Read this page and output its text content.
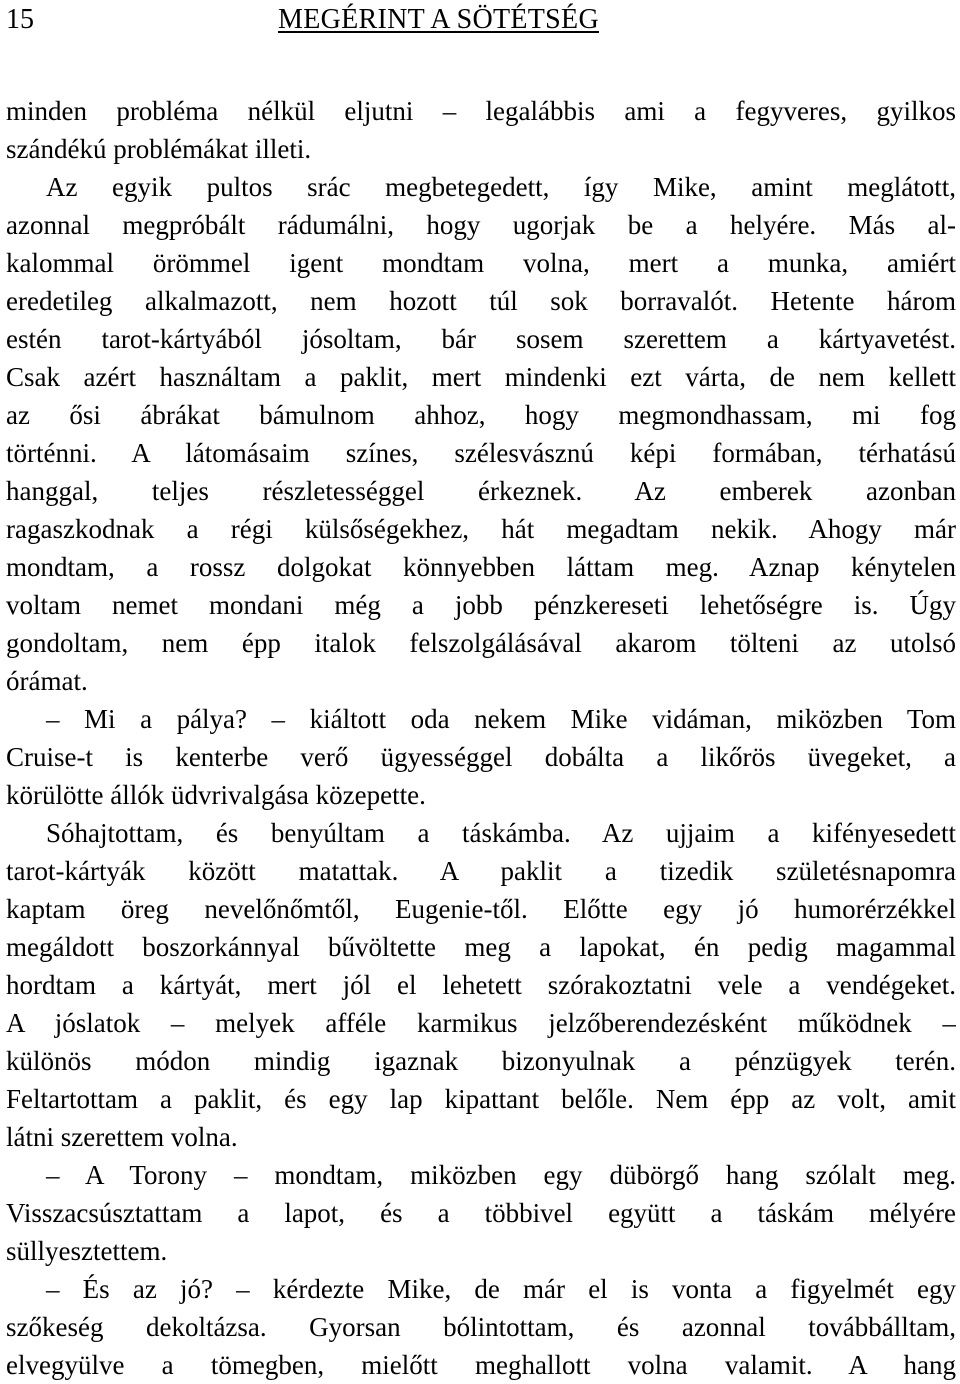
15	MEGÉRINT A SÖTÉTSÉG
minden probléma nélkül eljutni – legalábbis ami a fegyveres, gyilkos
szándékú problémákat illeti.
Az egyik pultos srác megbetegedett, így Mike, amint meglátott,
azonnal megpróbált rádumálni, hogy ugorjak be a helyére. Más al-
kalommal örömmel igent mondtam volna, mert a munka, amiért
eredetileg alkalmazott, nem hozott túl sok borravalót. Hetente három
estén tarot-kártyából jósoltam, bár sosem szerettem a kártyavetést.
Csak azért használtam a paklit, mert mindenki ezt várta, de nem kellett
az ősi ábrákat bámulnom ahhoz, hogy megmondhassam, mi fog
történni. A látomásaim színes, szélesvásznú képi formában, térhatású
hanggal, teljes részletességgel érkeznek. Az emberek azonban
ragaszkodnak a régi külsőségekhez, hát megadtam nekik. Ahogy már
mondtam, a rossz dolgokat könnyebben láttam meg. Aznap kénytelen
voltam nemet mondani még a jobb pénzkereseti lehetőségre is. Úgy
gondoltam, nem épp italok felszolgálásával akarom tölteni az utolsó
órámat.
– Mi a pálya? – kiáltott oda nekem Mike vidáman, miközben Tom
Cruise-t is kenterbe verő ügyességgel dobálta a likőrös üvegeket, a
körülötte állók üdvrivalgása közepette.
Sóhajtottam, és benyúltam a táskámba. Az ujjaim a kifényesedett
tarot-kártyák között matattak. A paklit a tizedik születésnapomra
kaptam öreg nevelőnőmtől, Eugenie-től. Előtte egy jó humorérzékkel
megáldott boszorkánnyal bűvöltette meg a lapokat, én pedig magammal
hordtam a kártyát, mert jól el lehetett szórakoztatni vele a vendégeket.
A jóslatok – melyek afféle karmikus jelzőberendezésként működnek –
különös módon mindig igaznak bizonyulnak a pénzügyek terén.
Feltartottam a paklit, és egy lap kipattant belőle. Nem épp az volt, amit
látni szerettem volna.
– A Torony – mondtam, miközben egy dübörgő hang szólalt meg.
Visszacsúsztattam a lapot, és a többivel együtt a táskám mélyére
süllyesztettem.
– És az jó? – kérdezte Mike, de már el is vonta a figyelmét egy
szőkeség dekoltázsa. Gyorsan bólintottam, és azonnal továbbálltam,
elvegyülve a tömegben, mielőtt meghallott volna valamit. A hang
